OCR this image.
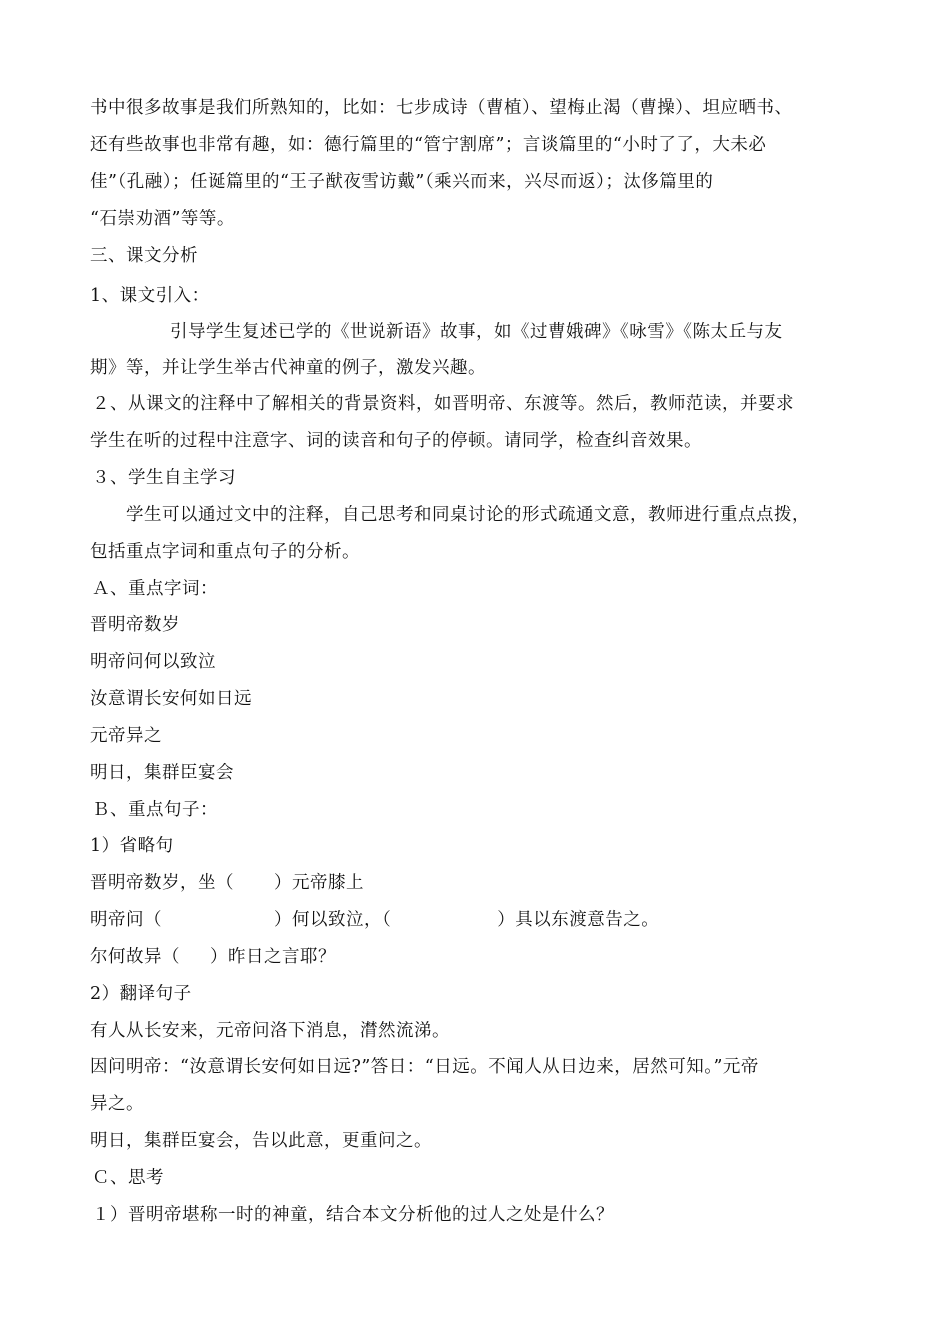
书中很多故事是我们所熟知的，比如：七步成诗（曹植）、望梅止渴（曹操）、坦应晒书、
还有些故事也非常有趣，如：德行篇里的“管宁割席”；言谈篇里的“小时了了，大未必
佳”（孔融）；任诞篇里的“王子猷夜雪访戴”（乘兴而来，兴尽而返）；汰侈篇里的
“石崇劝酒”等等。
三、课文分析
1、课文引入：
引导学生复述已学的《世说新语》故事，如《过曹娥碑》《咏雪》《陈太丘与友
期》等，并让学生举古代神童的例子，激发兴趣。
２、从课文的注释中了解相关的背景资料，如晋明帝、东渡等。然后，教师范读，并要求
学生在听的过程中注意字、词的读音和句子的停顿。请同学，检查纠音效果。
３、学生自主学习
学生可以通过文中的注释，自己思考和同桌讨论的形式疏通文意，教师进行重点点拨，
包括重点字词和重点句子的分析。
Ａ、重点字词：
晋明帝数岁
明帝问何以致泣
汝意谓长安何如日远
元帝异之
明日，集群臣宴会
Ｂ、重点句子：
1）省略句
晋明帝数岁，坐（ ）元帝膝上
明帝问（	）何以致泣，（	）具以东渡意告之。
尔何故异（ ）昨日之言耶？
2）翻译句子
有人从长安来，元帝问洛下消息，潸然流涕。
因问明帝：“汝意谓长安何如日远?”答日：“日远。不闻人从日边来，居然可知。”元帝
异之。
明日，集群臣宴会，告以此意，更重问之。
Ｃ、思考
１）晋明帝堪称一时的神童，结合本文分析他的过人之处是什么？
